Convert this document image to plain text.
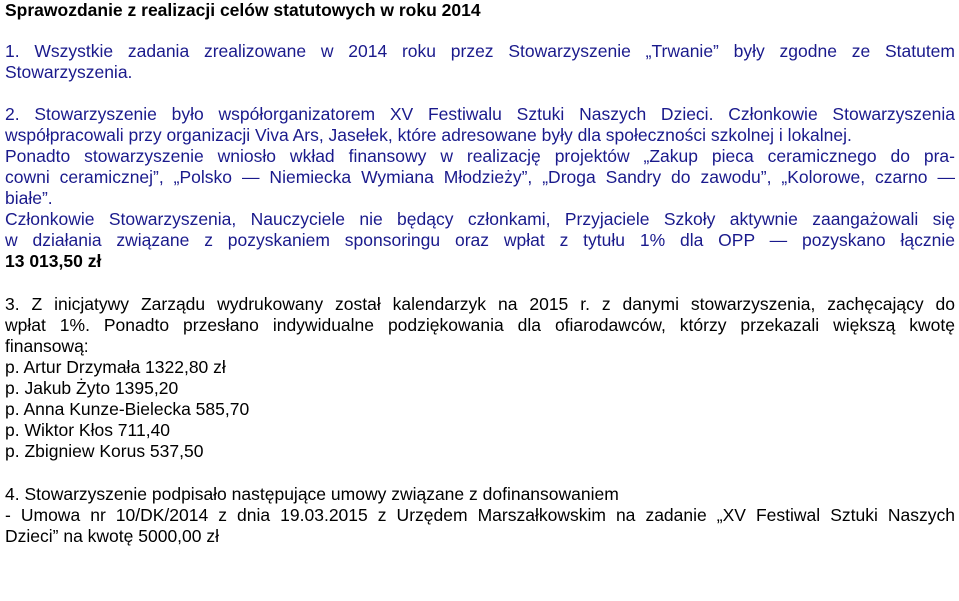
Sprawozdanie z realizacji celów statutowych w roku 2014
1. Wszystkie zadania zrealizowane w 2014 roku przez Stowarzyszenie „Trwanie” były zgodne ze Statutem
Stowarzyszenia.
2. Stowarzyszenie było współorganizatorem XV Festiwalu Sztuki Naszych Dzieci. Członkowie Stowarzyszenia
współpracowali przy organizacji Viva Ars, Jasełek, które adresowane były dla społeczności szkolnej i lokalnej.
Ponadto stowarzyszenie wniosło wkład finansowy w realizację projektów „Zakup pieca ceramicznego do pra-
cowni ceramicznej”, „Polsko — Niemiecka Wymiana Młodzieży”, „Droga Sandry do zawodu”, „Kolorowe, czarno —
białe”.
Członkowie Stowarzyszenia, Nauczyciele nie będący członkami, Przyjaciele Szkoły aktywnie zaangażowali się
w działania związane z pozyskaniem sponsoringu oraz wpłat z tytułu 1% dla OPP — pozyskano łącznie
13 013,50 zł
3. Z inicjatywy Zarządu wydrukowany został kalendarzyk na 2015 r. z danymi stowarzyszenia, zachęcający do
wpłat 1%. Ponadto przesłano indywidualne podziękowania dla ofiarodawców, którzy przekazali większą kwotę
finansową:
p. Artur Drzymała 1322,80 zł
p. Jakub Żyto 1395,20
p. Anna Kunze-Bielecka 585,70
p. Wiktor Kłos 711,40
p. Zbigniew Korus 537,50
4. Stowarzyszenie podpisało następujące umowy związane z dofinansowaniem
- Umowa nr 10/DK/2014 z dnia 19.03.2015 z Urzędem Marszałkowskim na zadanie „XV Festiwal Sztuki Naszych
Dzieci” na kwotę 5000,00 zł
